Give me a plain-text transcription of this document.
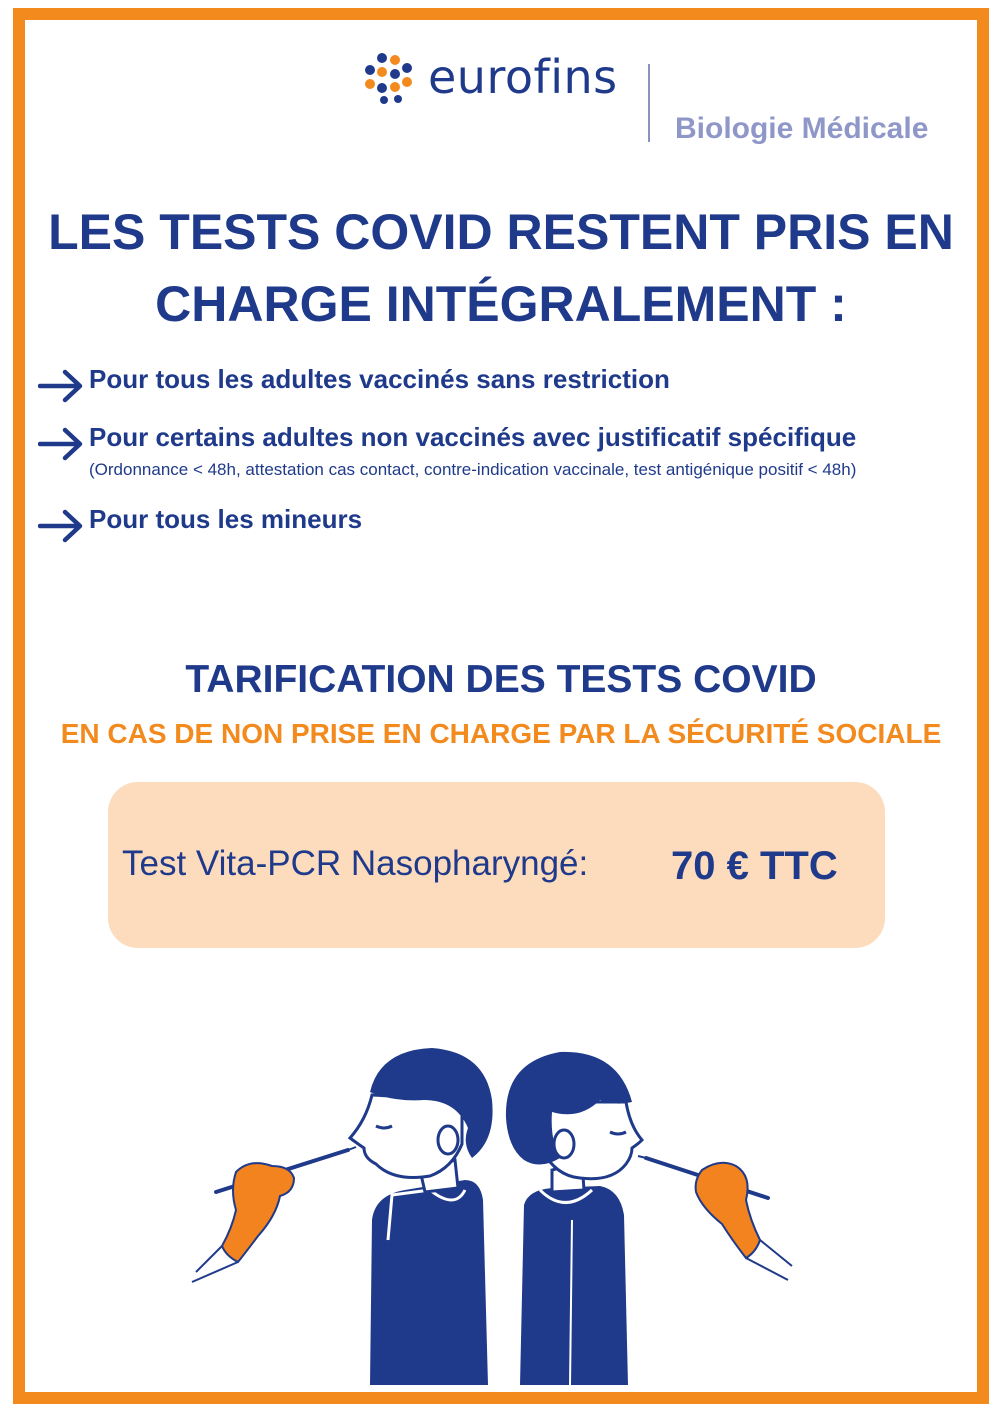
eurofins
Biologie Médicale
LES TESTS COVID RESTENT PRIS EN
CHARGE INTÉGRALEMENT :
Pour tous les adultes vaccinés sans restriction
Pour certains adultes non vaccinés avec justificatif spécifique
(Ordonnance < 48h, attestation cas contact, contre-indication vaccinale, test antigénique positif < 48h)
Pour tous les mineurs
TARIFICATION DES TESTS COVID
EN CAS DE NON PRISE EN CHARGE PAR LA SÉCURITÉ SOCIALE
Test Vita-PCR Nasopharyngé: 70 € TTC
